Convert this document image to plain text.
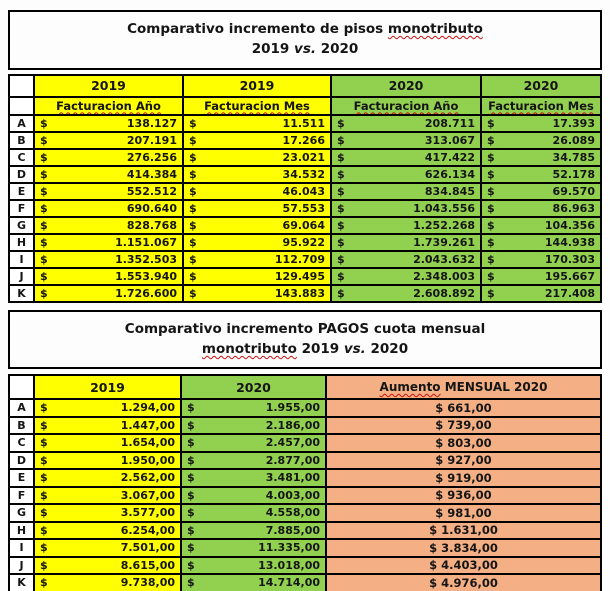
Comparativo incremento de pisos monotributo
2019 vs. 2020
	2019	2019	2020	2020
	Facturacion Año	Facturacion Mes	Facturacion Año	Facturacion Mes
A	$ 138.127	$ 11.511	$ 208.711	$ 17.393

B	$ 207.191	$ 17.266	$ 313.067	$ 26.089

C	$ 276.256	$ 23.021	$ 417.422	$ 34.785

D	$ 414.384	$ 34.532	$ 626.134	$ 52.178

E	$ 552.512	$ 46.043	$ 834.845	$ 69.570

F	$ 690.640	$ 57.553	$ 1.043.556	$ 86.963

G	$ 828.768	$ 69.064	$ 1.252.268	$ 104.356

H	$ 1.151.067	$ 95.922	$ 1.739.261	$ 144.938

I	$ 1.352.503	$ 112.709	$ 2.043.632	$ 170.303

J	$ 1.553.940	$ 129.495	$ 2.348.003	$ 195.667

K	$ 1.726.600	$ 143.883	$ 2.608.892	$ 217.408
Comparativo incremento PAGOS cuota mensual
monotributo 2019 vs. 2020
	2019	2020	Aumento MENSUAL 2020
A	$ 1.294,00	$ 1.955,00	$ 661,00
B	$ 1.447,00	$ 2.186,00	$ 739,00
C	$ 1.654,00	$ 2.457,00	$ 803,00
D	$ 1.950,00	$ 2.877,00	$ 927,00
E	$ 2.562,00	$ 3.481,00	$ 919,00
F	$ 3.067,00	$ 4.003,00	$ 936,00
G	$ 3.577,00	$ 4.558,00	$ 981,00
H	$ 6.254,00	$ 7.885,00	$ 1.631,00
I	$ 7.501,00	$ 11.335,00	$ 3.834,00
J	$ 8.615,00	$ 13.018,00	$ 4.403,00
K	$ 9.738,00	$ 14.714,00	$ 4.976,00
